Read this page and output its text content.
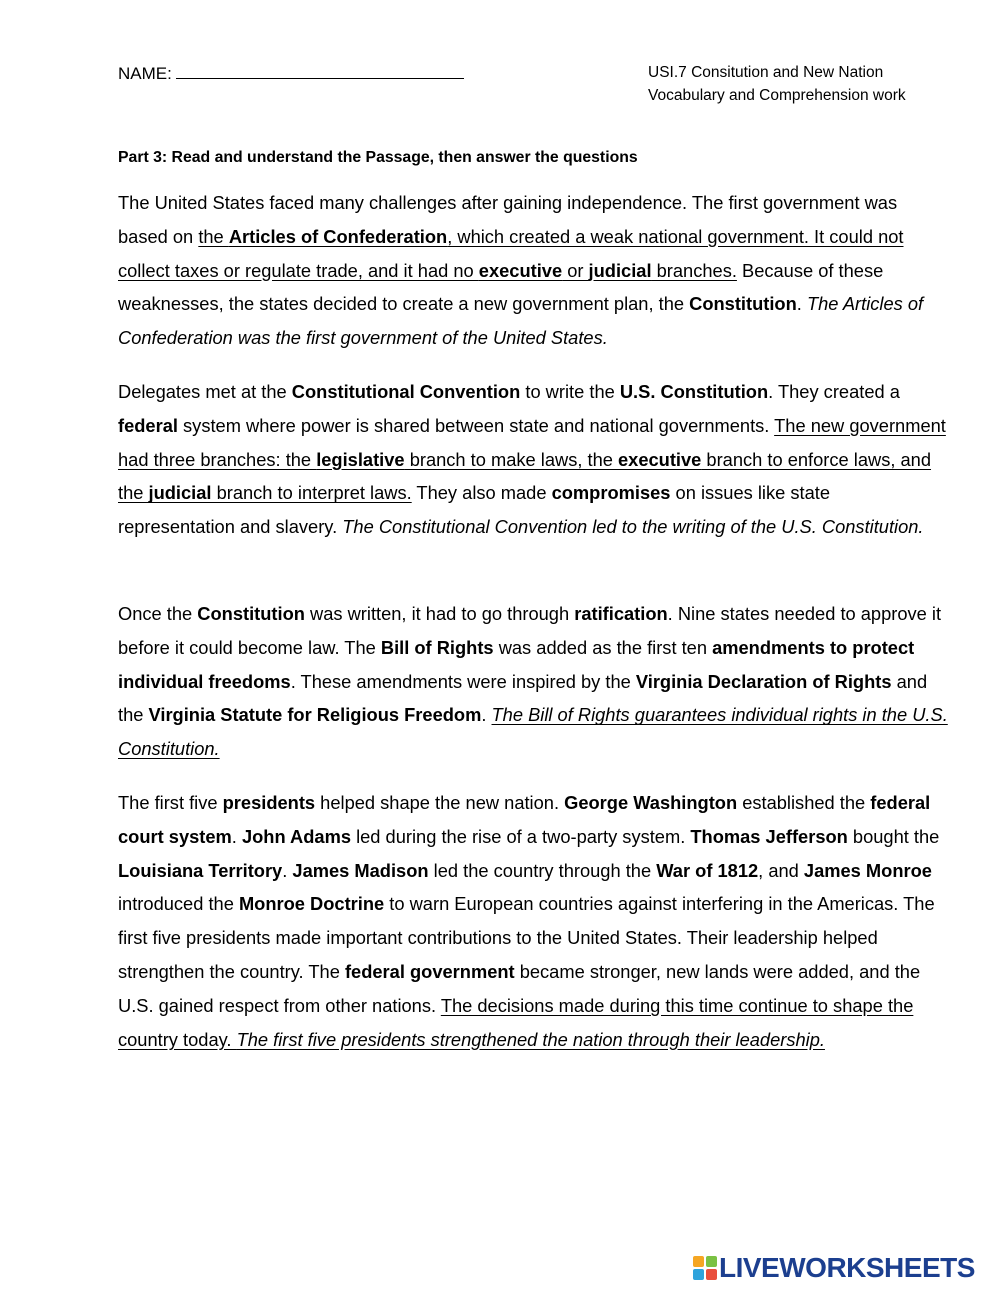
NAME:	USI.7 Consitution and New Nation
Vocabulary and Comprehension work
Part 3: Read and understand the Passage, then answer the questions

The United States faced many challenges after gaining independence. The first government was based on the Articles of Confederation, which created a weak national government. It could not collect taxes or regulate trade, and it had no executive or judicial branches. Because of these weaknesses, the states decided to create a new government plan, the Constitution. The Articles of Confederation was the first government of the United States.

Delegates met at the Constitutional Convention to write the U.S. Constitution. They created a federal system where power is shared between state and national governments. The new government had three branches: the legislative branch to make laws, the executive branch to enforce laws, and the judicial branch to interpret laws. They also made compromises on issues like state representation and slavery. The Constitutional Convention led to the writing of the U.S. Constitution.

Once the Constitution was written, it had to go through ratification. Nine states needed to approve it before it could become law. The Bill of Rights was added as the first ten amendments to protect individual freedoms. These amendments were inspired by the Virginia Declaration of Rights and the Virginia Statute for Religious Freedom. The Bill of Rights guarantees individual rights in the U.S. Constitution.

The first five presidents helped shape the new nation. George Washington established the federal court system. John Adams led during the rise of a two-party system. Thomas Jefferson bought the Louisiana Territory. James Madison led the country through the War of 1812, and James Monroe introduced the Monroe Doctrine to warn European countries against interfering in the Americas. The first five presidents made important contributions to the United States. Their leadership helped strengthen the country. The federal government became stronger, new lands were added, and the U.S. gained respect from other nations. The decisions made during this time continue to shape the country today. The first five presidents strengthened the nation through their leadership.

LIVEWORKSHEETS
